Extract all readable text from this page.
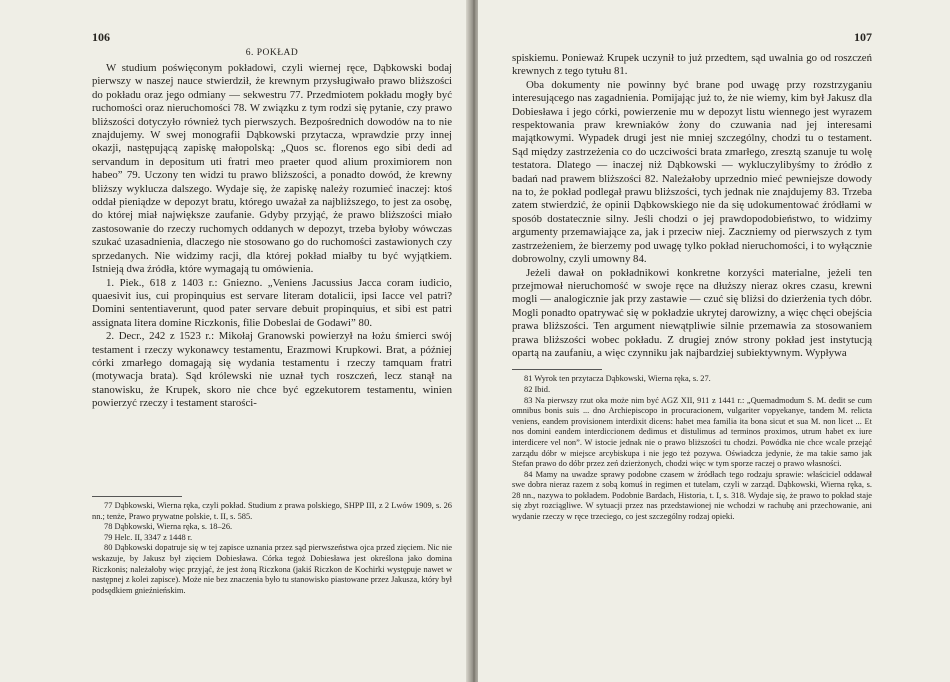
106
6. POKŁAD

W studium poświęconym pokładowi, czyli wiernej ręce, Dąbkowski bodaj pierwszy w naszej nauce stwierdził, że krewnym przysługiwało prawo bliższości do pokładu oraz jego odmiany — sekwestru 77. Przedmiotem pokładu mogły być ruchomości oraz nieruchomości 78. W związku z tym rodzi się pytanie, czy prawo bliższości dotyczyło również tych pierwszych. Bezpośrednich dowodów na to nie znajdujemy. W swej monografii Dąbkowski przytacza, wprawdzie przy innej okazji, następującą zapiskę małopolską: „Quos sc. florenos ego sibi dedi ad servandum in depositum uti fratri meo praeter quod alium proximiorem non habeo” 79. Uczony ten widzi tu prawo bliższości, a ponadto dowód, że krewny bliższy wyklucza dalszego. Wydaje się, że zapiskę należy rozumieć inaczej: ktoś oddał pieniądze w depozyt bratu, którego uważał za najbliższego, to jest za osobę, do której miał największe zaufanie. Gdyby przyjąć, że prawo bliższości miało zastosowanie do rzeczy ruchomych oddanych w depozyt, trzeba byłoby wówczas szukać uzasadnienia, dlaczego nie stosowano go do ruchomości zastawionych czy sprzedanych. Nie widzimy racji, dla której pokład miałby tu być wyjątkiem. Istnieją dwa źródła, które wymagają tu omówienia.

1. Piek., 618 z 1403 r.: Gniezno. „Veniens Jacussius Jacca coram iudicio, quaesivit ius, cui propinquius est servare literam dotalicii, ipsi Iacce vel patri? Domini sententiaverunt, quod pater servare debuit propinquius, et sibi est patri assignata litera domine Riczkonis, filie Dobeslai de Godawi” 80.

2. Decr., 242 z 1523 r.: Mikołaj Granowski powierzył na łożu śmierci swój testament i rzeczy wykonawcy testamentu, Erazmowi Krupkowi. Brat, a później córki zmarłego domagają się wydania testamentu i rzeczy tamquam fratri (motywacja brata). Sąd królewski nie uznał tych roszczeń, lecz stanął na stanowisku, że Krupek, skoro nie chce być egzekutorem testamentu, winien powierzyć rzeczy i testament starości-

77 Dąbkowski, Wierna ręka, czyli pokład. Studium z prawa polskiego, SHPP III, z 2 Lwów 1909, s. 26 nn.; tenże, Prawo prywatne polskie, t. II, s. 585.

78 Dąbkowski, Wierna ręka, s. 18–26.

79 Helc. II, 3347 z 1448 r.

80 Dąbkowski dopatruje się w tej zapisce uznania przez sąd pierwszeństwa ojca przed zięciem. Nic nie wskazuje, by Jakusz był zięciem Dobiesława. Córka tegoż Dobiesława jest określona jako domina Riczkonis; należałoby więc przyjąć, że jest żoną Riczkona (jakiś Riczkon de Kochirki występuje nawet w następnej z kolei zapisce). Może nie bez znaczenia było tu stanowisko piastowane przez Jakusza, który był podsędkiem gnieźnieńskim.

107

spiskiemu. Ponieważ Krupek uczynił to już przedtem, sąd uwalnia go od roszczeń krewnych z tego tytułu 81.

Oba dokumenty nie powinny być brane pod uwagę przy rozstrzyganiu interesującego nas zagadnienia. Pomijając już to, że nie wiemy, kim był Jakusz dla Dobiesława i jego córki, powierzenie mu w depozyt listu wiennego jest wyrazem respektowania praw krewniaków żony do czuwania nad jej interesami majątkowymi. Wypadek drugi jest nie mniej szczególny, chodzi tu o testament. Sąd między zastrzeżenia co do uczciwości brata zmarłego, zresztą szanuje tu wolę testatora. Dlatego — inaczej niż Dąbkowski — wykluczylibyśmy to źródło z badań nad prawem bliższości 82. Należałoby uprzednio mieć pewniejsze dowody na to, że pokład podlegał prawu bliższości, tych jednak nie znajdujemy 83. Trzeba zatem stwierdzić, że opinii Dąbkowskiego nie da się udokumentować źródłami w sposób dostatecznie silny. Jeśli chodzi o jej prawdopodobieństwo, to widzimy argumenty przemawiające za, jak i przeciw niej. Zaczniemy od pierwszych z tym zastrzeżeniem, że bierzemy pod uwagę tylko pokład nieruchomości, i to wyłącznie dobrowolny, czyli umowny 84.

Jeżeli dawał on pokładnikowi konkretne korzyści materialne, jeżeli ten przejmował nieruchomość w swoje ręce na dłuższy nieraz okres czasu, krewni mogli — analogicznie jak przy zastawie — czuć się bliżsi do dzierżenia tych dóbr. Mogli ponadto opatrywać się w pokładzie ukrytej darowizny, a więc chęci obejścia prawa bliższości. Ten argument niewątpliwie silnie przemawia za stosowaniem prawa bliższości wobec pokładu. Z drugiej znów strony pokład jest instytucją opartą na zaufaniu, a więc czynniku jak najbardziej subiektywnym. Wypływa

81 Wyrok ten przytacza Dąbkowski, Wierna ręka, s. 27.

82 Ibid.

83 Na pierwszy rzut oka może nim być AGZ XII, 911 z 1441 r.: „Quemadmodum S. M. dedit se cum omnibus bonis suis ... dno Archiepiscopo in procuracionem, vulgariter vopyekanye, tandem M. relicta veniens, eandem provisionem interdixit dicens: habet mea familia ita bona sicut et sua M. non licet ... Et nos domini eandem interdiccionem dedimus et distulimus ad terminos proximos, utrum habet ex iure interdicere vel non”. W istocie jednak nie o prawo bliższości tu chodzi. Powódka nie chce wcale przejąć zarządu dóbr w miejsce arcybiskupa i nie jego też pozywa. Oświadcza jedynie, że ma takie samo jak Stefan prawo do dóbr przez zeń dzierżonych, chodzi więc w tym sporze raczej o prawo własności.

84 Mamy na uwadze sprawy podobne czasem w źródłach tego rodzaju sprawie: właściciel oddawał swe dobra nieraz razem z sobą komuś in regimen et tutelam, czyli w zarząd. Dąbkowski, Wierna ręka, s. 28 nn., nazywa to pokładem. Podobnie Bardach, Historia, t. I, s. 318. Wydaje się, że prawo to pokład staje się zbyt rozciągliwe. W sytuacji przez nas przedstawionej nie wchodzi w rachubę ani przechowanie, ani wydanie rzeczy w ręce trzeciego, co jest szczególny rodzaj opieki.
